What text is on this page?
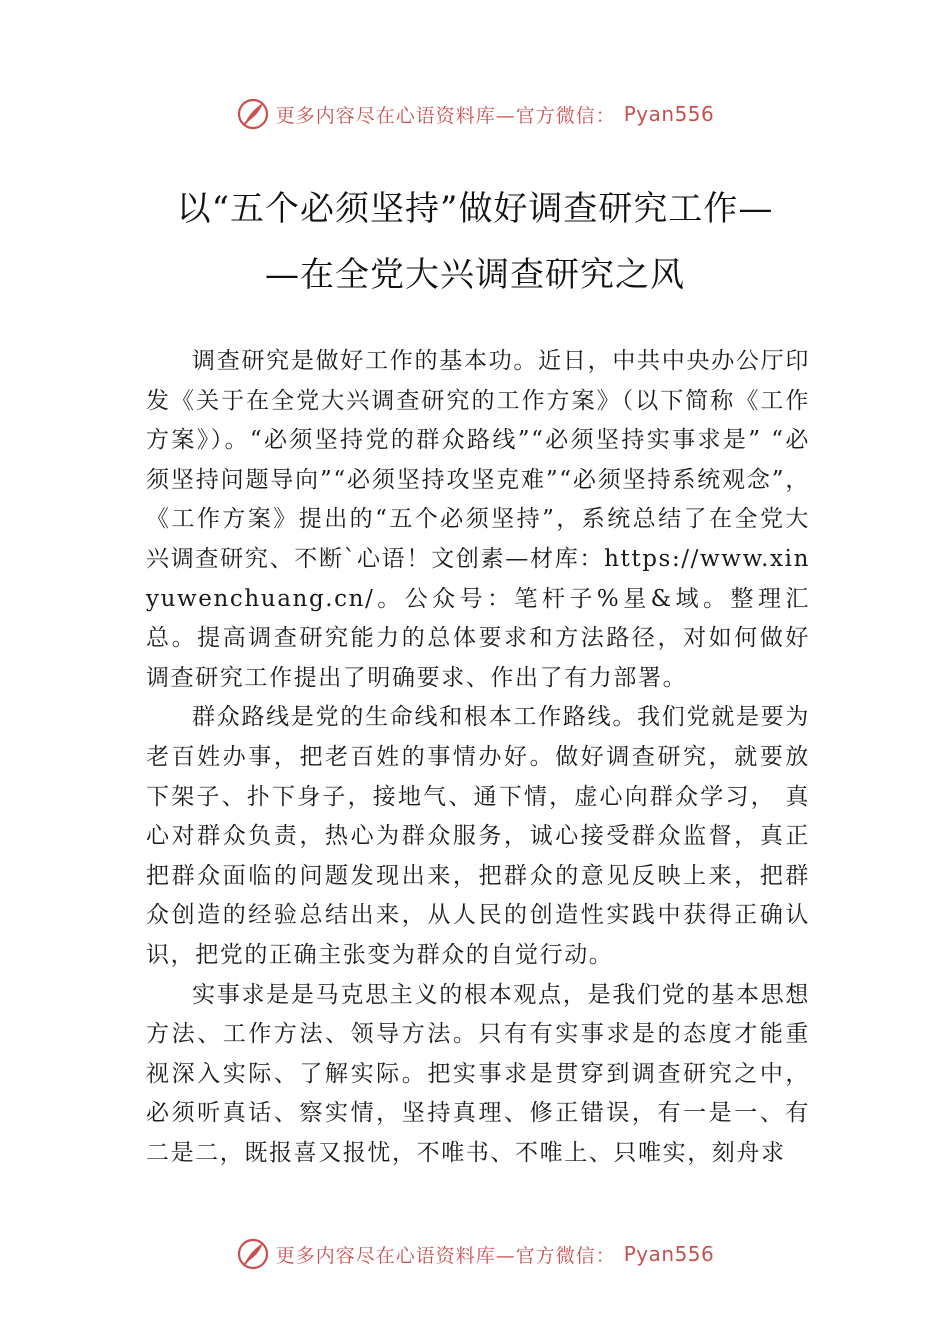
更多内容尽在心语资料库—官方微信： Pyan556
以“五个必须坚持”做好调查研究工作—
—在全党大兴调查研究之风

调查研究是做好工作的基本功。近日，中共中央办公厅印发《关于在全党大兴调查研究的工作方案》（以下简称《工作方案》）。“必须坚持党的群众路线”“必须坚持实事求是” “必须坚持问题导向”“必须坚持攻坚克难”“必须坚持系统观念”，《工作方案》提出的“五个必须坚持”，系统总结了在全党大兴调查研究、不断`心语！文创素—材库：https://www.xinyuwenchuang.cn/。公众号：笔杆子%星&域。整理汇总。提高调查研究能力的总体要求和方法路径，对如何做好调查研究工作提出了明确要求、作出了有力部署。

群众路线是党的生命线和根本工作路线。我们党就是要为老百姓办事，把老百姓的事情办好。做好调查研究，就要放下架子、扑下身子，接地气、通下情，虚心向群众学习， 真心对群众负责，热心为群众服务，诚心接受群众监督，真正把群众面临的问题发现出来，把群众的意见反映上来，把群众创造的经验总结出来，从人民的创造性实践中获得正确认识，把党的正确主张变为群众的自觉行动。

实事求是是马克思主义的根本观点，是我们党的基本思想方法、工作方法、领导方法。只有有实事求是的态度才能重视深入实际、了解实际。把实事求是贯穿到调查研究之中，必须听真话、察实情，坚持真理、修正错误，有一是一、有二是二，既报喜又报忧，不唯书、不唯上、只唯实，刻舟求

更多内容尽在心语资料库—官方微信： Pyan556
